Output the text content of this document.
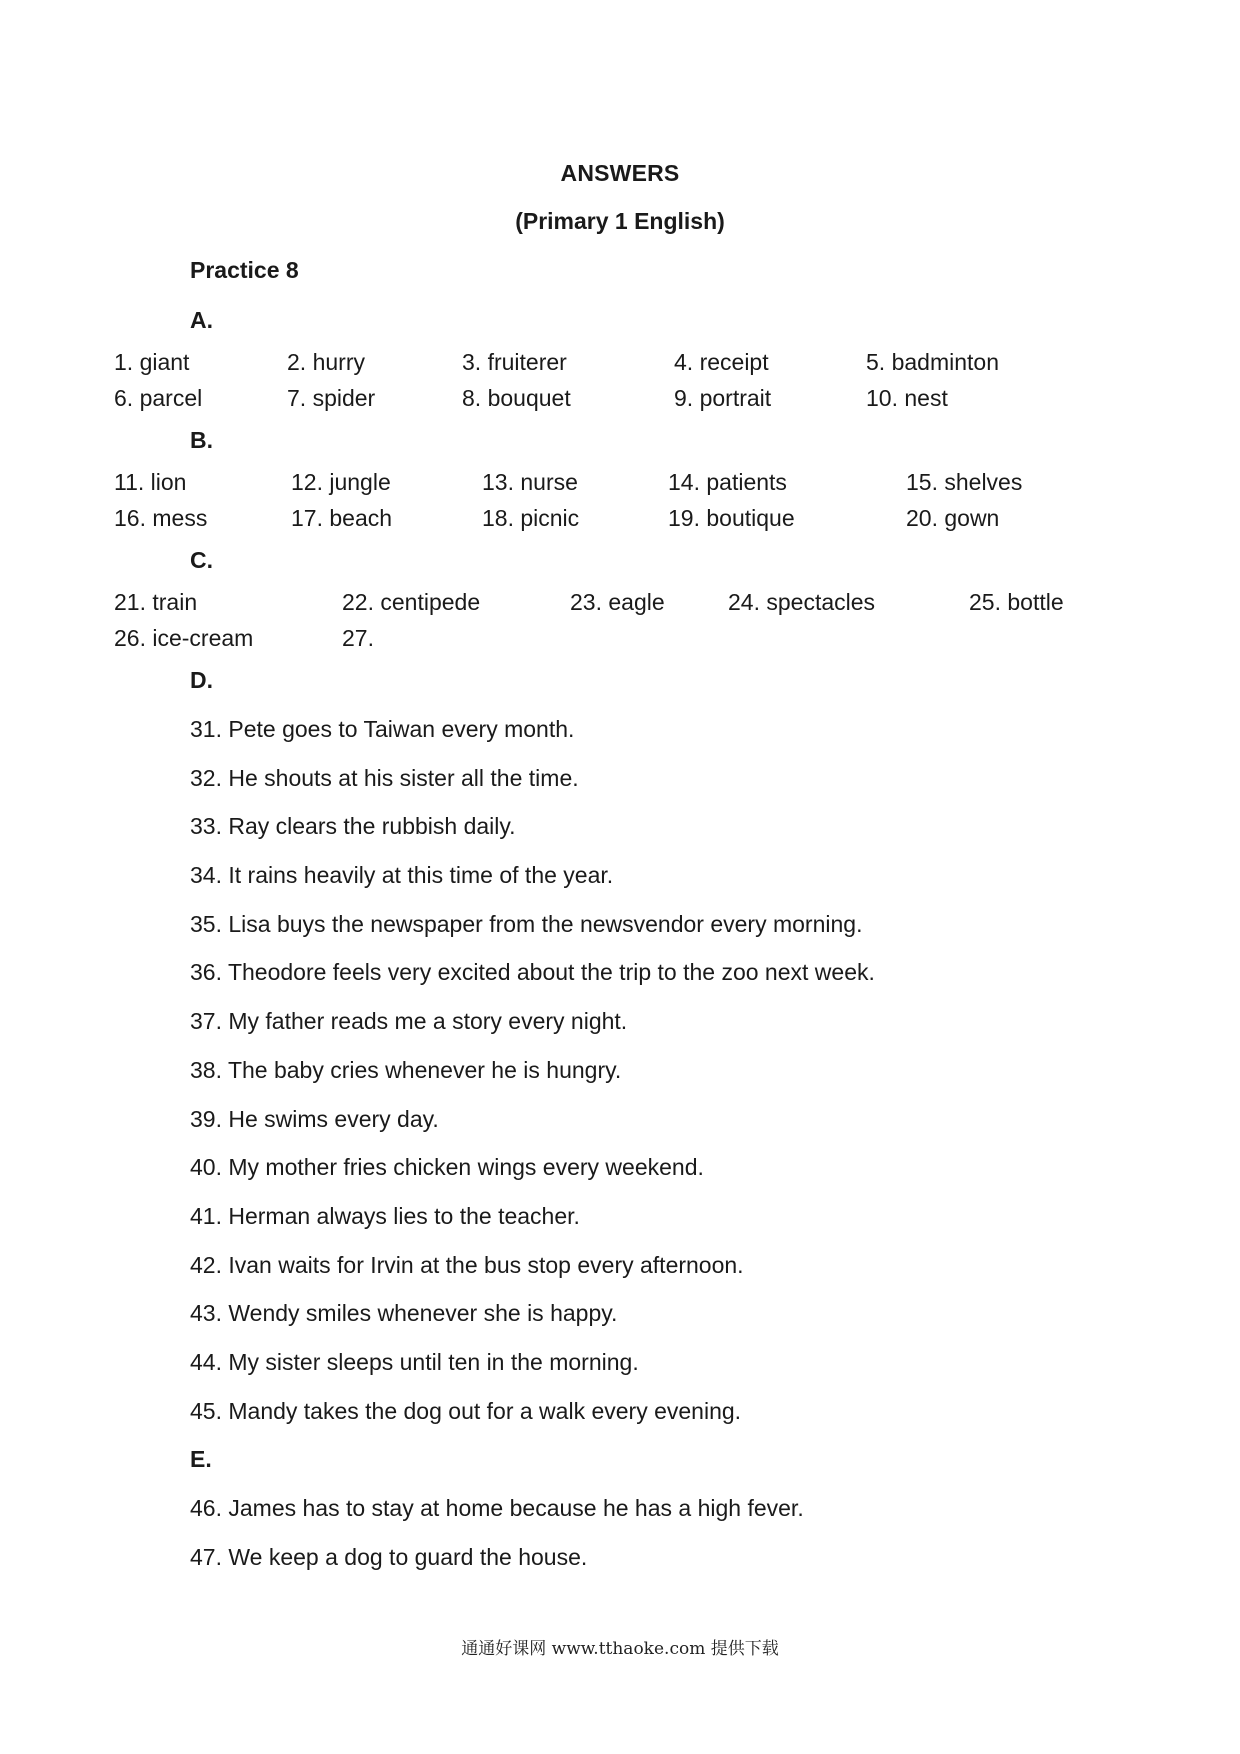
ANSWERS
(Primary 1 English)
Practice 8
A.
1. giant	2. hurry	3. fruiterer	4. receipt	5. badminton
6. parcel	7. spider	8. bouquet	9. portrait	10. nest
B.
11. lion	12. jungle	13. nurse	14. patients	15. shelves
16. mess	17. beach	18. picnic	19. boutique	20. gown
C.
21. train	22. centipede	23. eagle	24. spectacles	25. bottle
26. ice-cream	27.
D.
31. Pete goes to Taiwan every month.
32. He shouts at his sister all the time.
33. Ray clears the rubbish daily.
34. It rains heavily at this time of the year.
35. Lisa buys the newspaper from the newsvendor every morning.
36. Theodore feels very excited about the trip to the zoo next week.
37. My father reads me a story every night.
38. The baby cries whenever he is hungry.
39. He swims every day.
40. My mother fries chicken wings every weekend.
41. Herman always lies to the teacher.
42. Ivan waits for Irvin at the bus stop every afternoon.
43. Wendy smiles whenever she is happy.
44. My sister sleeps until ten in the morning.
45. Mandy takes the dog out for a walk every evening.
E.
46. James has to stay at home because he has a high fever.
47. We keep a dog to guard the house.
通通好课网 www.tthaoke.com 提供下载
